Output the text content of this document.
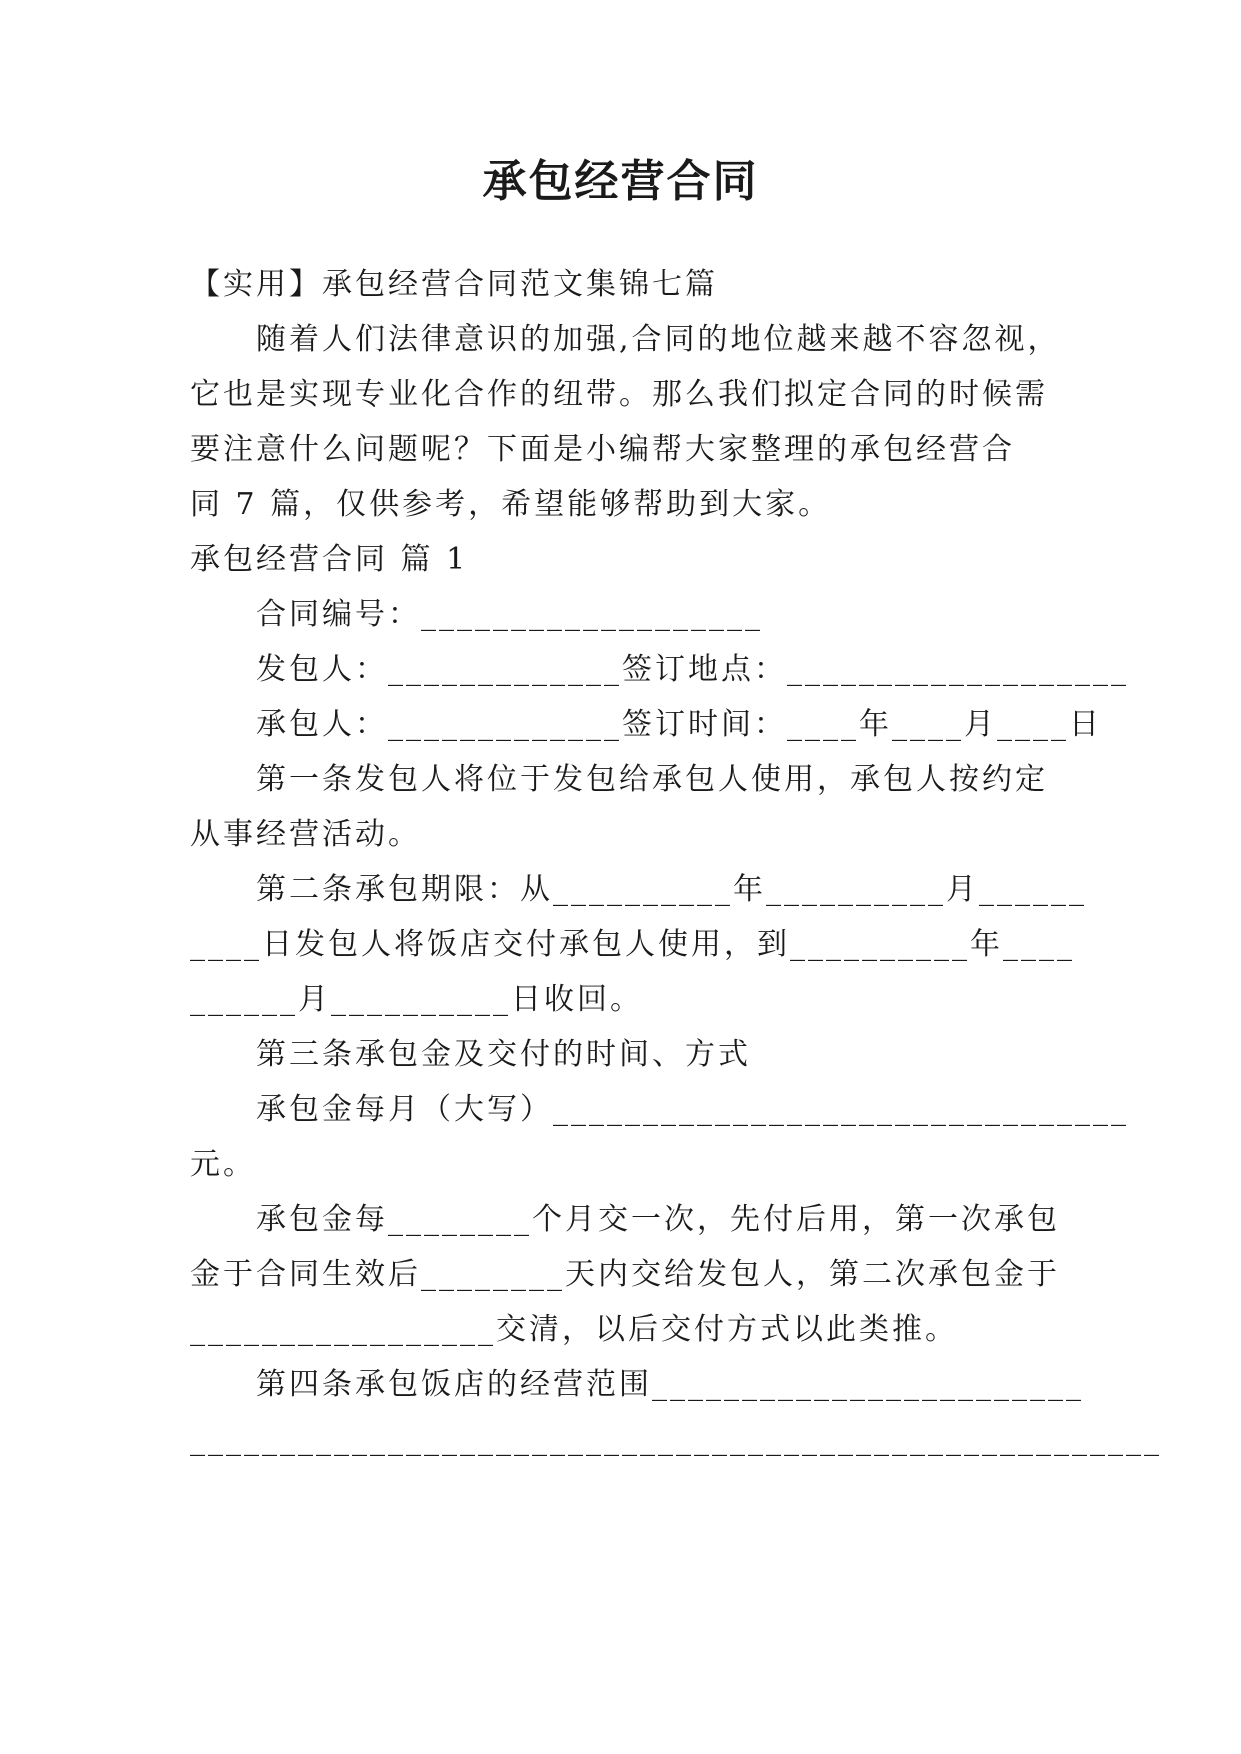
承包经营合同
【实用】承包经营合同范文集锦七篇
随着人们法律意识的加强,合同的地位越来越不容忽视，
它也是实现专业化合作的纽带。那么我们拟定合同的时候需
要注意什么问题呢？下面是小编帮大家整理的承包经营合
同 7 篇，仅供参考，希望能够帮助到大家。
承包经营合同 篇 1
合同编号：___________________
发包人：_____________签订地点：___________________
承包人：_____________签订时间：____年____月____日
第一条发包人将位于发包给承包人使用，承包人按约定
从事经营活动。
第二条承包期限：从__________年__________月______
____日发包人将饭店交付承包人使用，到__________年____
______月__________日收回。
第三条承包金及交付的时间、方式
承包金每月（大写）________________________________
元。
承包金每________个月交一次，先付后用，第一次承包
金于合同生效后________天内交给发包人，第二次承包金于
_________________交清，以后交付方式以此类推。
第四条承包饭店的经营范围________________________
______________________________________________________
